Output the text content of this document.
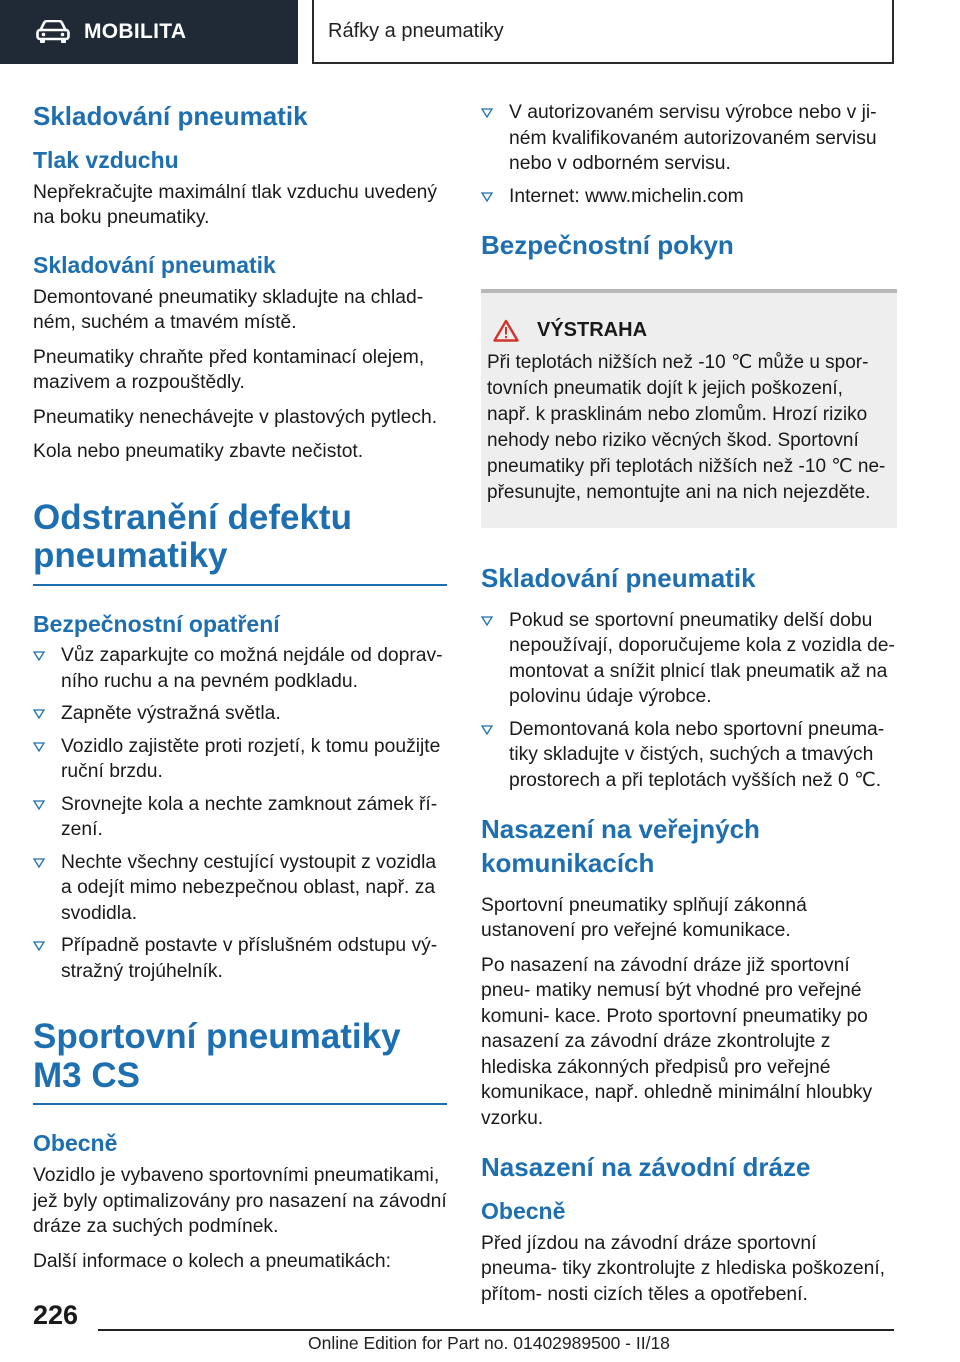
MOBILITA	Ráfky a pneumatiky
Skladování pneumatik
Tlak vzduchu

Nepřekračujte maximální tlak vzduchu uvedený na boku pneumatiky.

Skladování pneumatik

Demontované pneumatiky skladujte na chlad‐ ném, suchém a tmavém místě.

Pneumatiky chraňte před kontaminací olejem, mazivem a rozpouštědly.

Pneumatiky nenechávejte v plastových pytlech.

Kola nebo pneumatiky zbavte nečistot.

Odstranění defektu pneumatiky
Bezpečnostní opatření
Vůz zaparkujte co možná nejdále od doprav‐ ního ruchu a na pevném podkladu.
Zapněte výstražná světla.
Vozidlo zajistěte proti rozjetí, k tomu použijte ruční brzdu.
Srovnejte kola a nechte zamknout zámek ří‐ zení.
Nechte všechny cestující vystoupit z vozidla a odejít mimo nebezpečnou oblast, např. za svodidla.
Případně postavte v příslušném odstupu vý‐ stražný trojúhelník.
Sportovní pneumatiky M3 CS
Obecně

Vozidlo je vybaveno sportovními pneumatikami, jež byly optimalizovány pro nasazení na závodní dráze za suchých podmínek.

Další informace o kolech a pneumatikách:

V autorizovaném servisu výrobce nebo v ji‐ ném kvalifikovaném autorizovaném servisu nebo v odborném servisu.
Internet: www.michelin.com
Bezpečnostní pokyn
VÝSTRAHA

Při teplotách nižších než ‑10 ℃ může u spor‐ tovních pneumatik dojít k jejich poškození, např. k prasklinám nebo zlomům. Hrozí riziko nehody nebo riziko věcných škod. Sportovní pneumatiky při teplotách nižších než ‑10 ℃ ne‐ přesunujte, nemontujte ani na nich nejezděte.

Skladování pneumatik
Pokud se sportovní pneumatiky delší dobu nepoužívají, doporučujeme kola z vozidla de‐ montovat a snížit plnicí tlak pneumatik až na polovinu údaje výrobce.
Demontovaná kola nebo sportovní pneuma‐ tiky skladujte v čistých, suchých a tmavých prostorech a při teplotách vyšších než 0 ℃.
Nasazení na veřejných komunikacích

Sportovní pneumatiky splňují zákonná ustanovení pro veřejné komunikace.

Po nasazení na závodní dráze již sportovní pneu‐ matiky nemusí být vhodné pro veřejné komuni‐ kace. Proto sportovní pneumatiky po nasazení za závodní dráze zkontrolujte z hlediska zákonných předpisů pro veřejné komunikace, např. ohledně minimální hloubky vzorku.

Nasazení na závodní dráze
Obecně

Před jízdou na závodní dráze sportovní pneuma‐ tiky zkontrolujte z hlediska poškození, přítom‐ nosti cizích těles a opotřebení.

226
Online Edition for Part no. 01402989500 - II/18
